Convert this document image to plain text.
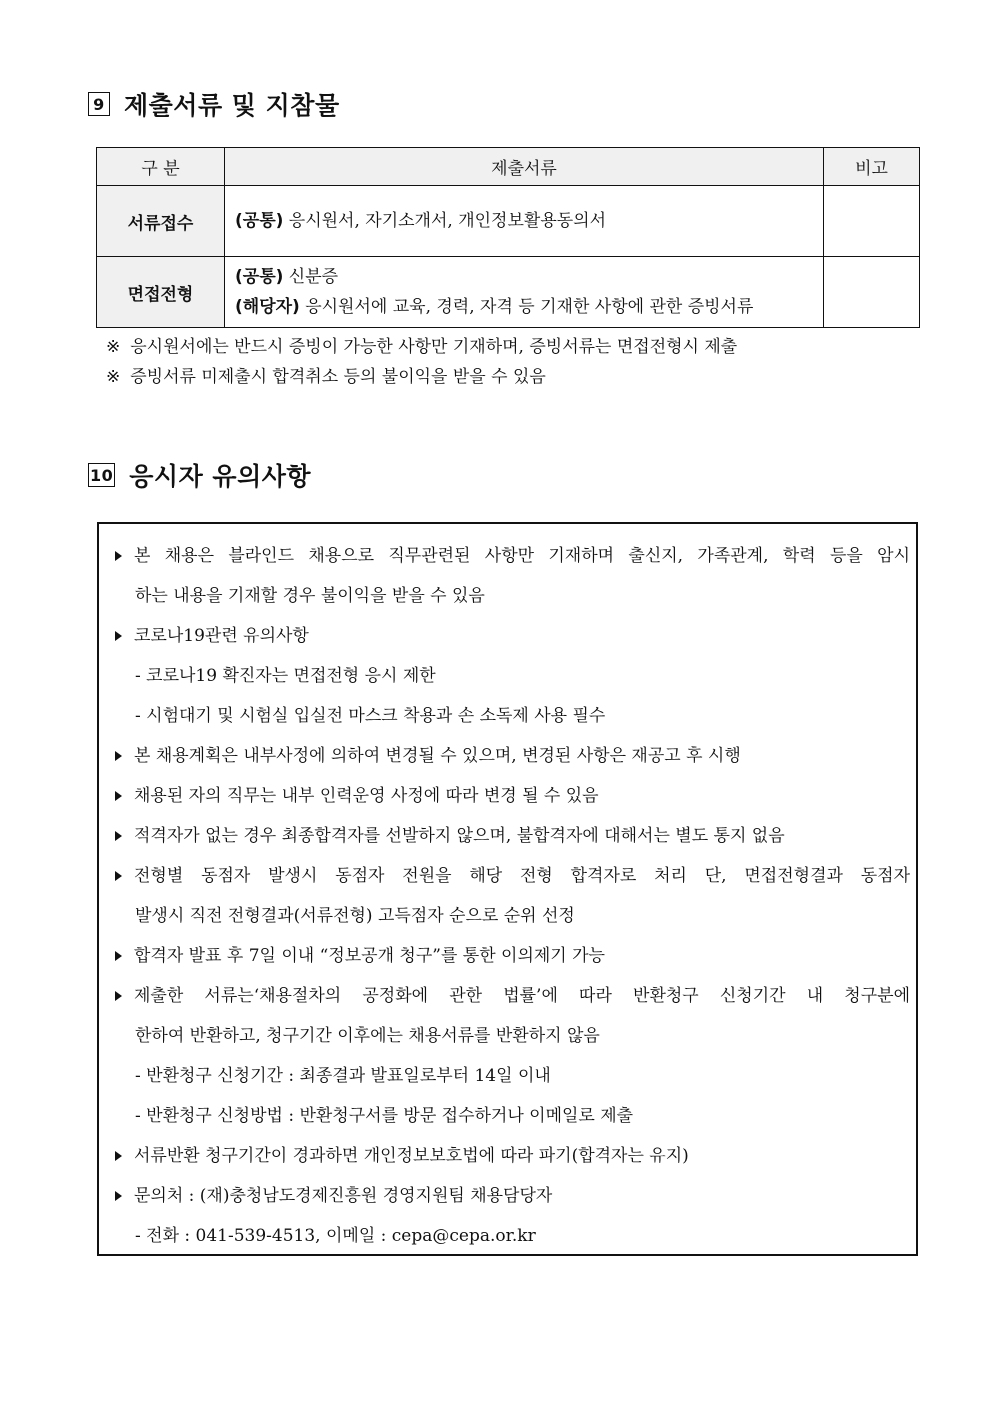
9 제출서류 및 지참물
구 분	제출서류	비고
서류접수	(공통) 응시원서, 자기소개서, 개인정보활용동의서	
면접전형	(공통) 신분증
(해당자) 응시원서에 교육, 경력, 자격 등 기재한 사항에 관한 증빙서류	

※ 응시원서에는 반드시 증빙이 가능한 사항만 기재하며, 증빙서류는 면접전형시 제출
※ 증빙서류 미제출시 합격취소 등의 불이익을 받을 수 있음
10 응시자 유의사항
본 채용은 블라인드 채용으로 직무관련된 사항만 기재하며 출신지, 가족관계, 학력 등을 암시
하는 내용을 기재할 경우 불이익을 받을 수 있음
코로나19관련 유의사항
- 코로나19 확진자는 면접전형 응시 제한
- 시험대기 및 시험실 입실전 마스크 착용과 손 소독제 사용 필수
본 채용계획은 내부사정에 의하여 변경될 수 있으며, 변경된 사항은 재공고 후 시행
채용된 자의 직무는 내부 인력운영 사정에 따라 변경 될 수 있음
적격자가 없는 경우 최종합격자를 선발하지 않으며, 불합격자에 대해서는 별도 통지 없음
전형별 동점자 발생시 동점자 전원을 해당 전형 합격자로 처리 단, 면접전형결과 동점자
발생시 직전 전형결과(서류전형) 고득점자 순으로 순위 선정
합격자 발표 후 7일 이내 “정보공개 청구”를 통한 이의제기 가능
제출한 서류는‘채용절차의 공정화에 관한 법률’에 따라 반환청구 신청기간 내 청구분에
한하여 반환하고, 청구기간 이후에는 채용서류를 반환하지 않음
- 반환청구 신청기간 : 최종결과 발표일로부터 14일 이내
- 반환청구 신청방법 : 반환청구서를 방문 접수하거나 이메일로 제출
서류반환 청구기간이 경과하면 개인정보보호법에 따라 파기(합격자는 유지)
문의처 : (재)충청남도경제진흥원 경영지원팀 채용담당자
- 전화 : 041-539-4513, 이메일 : cepa@cepa.or.kr
